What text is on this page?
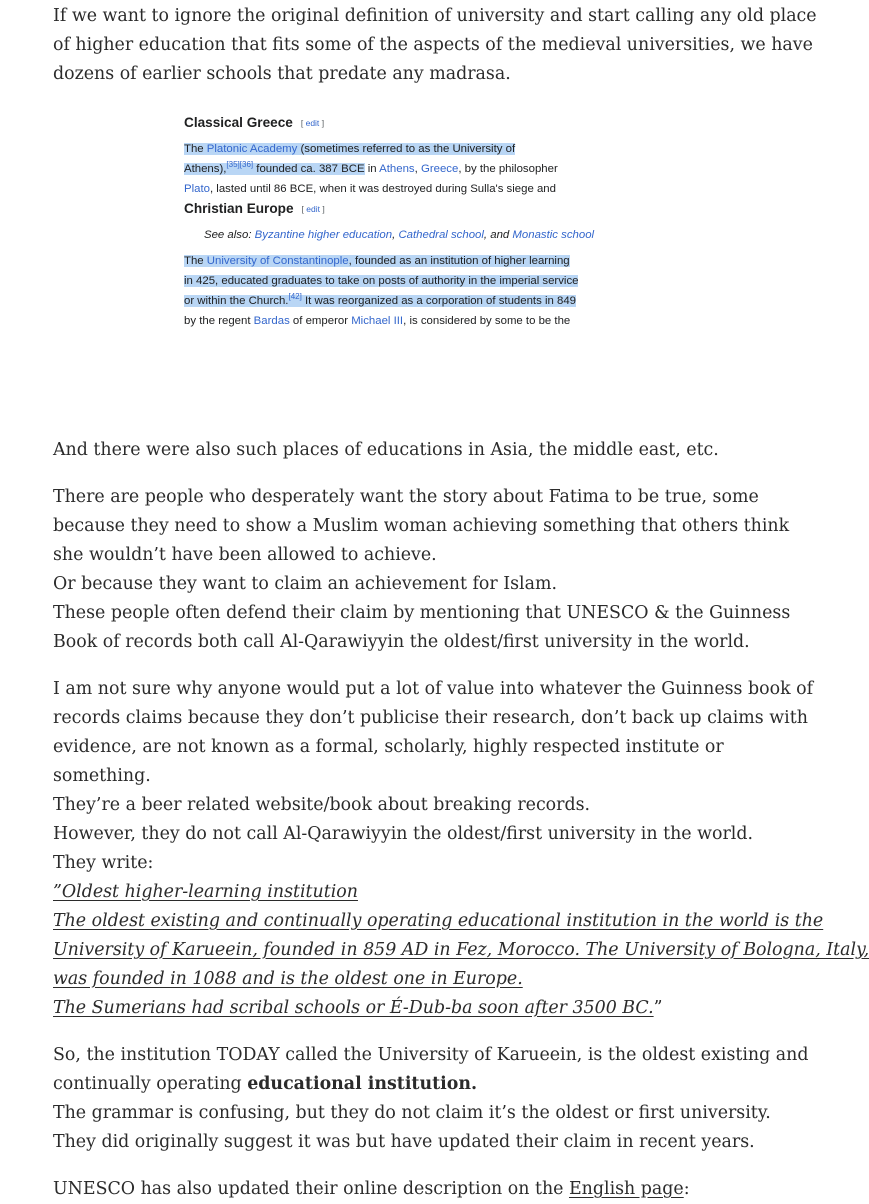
If we want to ignore the original definition of university and start calling any old place
of higher education that fits some of the aspects of the medieval universities, we have
dozens of earlier schools that predate any madrasa.

Classical Greece [ edit ]
The Platonic Academy (sometimes referred to as the University of
Athens),[35][36] founded ca. 387 BCE in Athens, Greece, by the philosopher
Plato, lasted until 86 BCE, when it was destroyed during Sulla's siege and
Christian Europe [ edit ]
See also: Byzantine higher education, Cathedral school, and Monastic school
The University of Constantinople, founded as an institution of higher learning
in 425, educated graduates to take on posts of authority in the imperial service
or within the Church.[42] It was reorganized as a corporation of students in 849
by the regent Bardas of emperor Michael III, is considered by some to be the

And there were also such places of educations in Asia, the middle east, etc.

There are people who desperately want the story about Fatima to be true, some
because they need to show a Muslim woman achieving something that others think
she wouldn’t have been allowed to achieve.
Or because they want to claim an achievement for Islam.
These people often defend their claim by mentioning that UNESCO & the Guinness
Book of records both call Al-Qarawiyyin the oldest/first university in the world.

I am not sure why anyone would put a lot of value into whatever the Guinness book of
records claims because they don’t publicise their research, don’t back up claims with
evidence, are not known as a formal, scholarly, highly respected institute or
something.
They’re a beer related website/book about breaking records.
However, they do not call Al-Qarawiyyin the oldest/first university in the world.
They write:
”Oldest higher-learning institution
The oldest existing and continually operating educational institution in the world is the
University of Karueein, founded in 859 AD in Fez, Morocco. The University of Bologna, Italy,
was founded in 1088 and is the oldest one in Europe.
The Sumerians had scribal schools or É-Dub-ba soon after 3500 BC.”

So, the institution TODAY called the University of Karueein, is the oldest existing and
continually operating educational institution.
The grammar is confusing, but they do not claim it’s the oldest or first university.
They did originally suggest it was but have updated their claim in recent years.

UNESCO has also updated their online description on the English page:
